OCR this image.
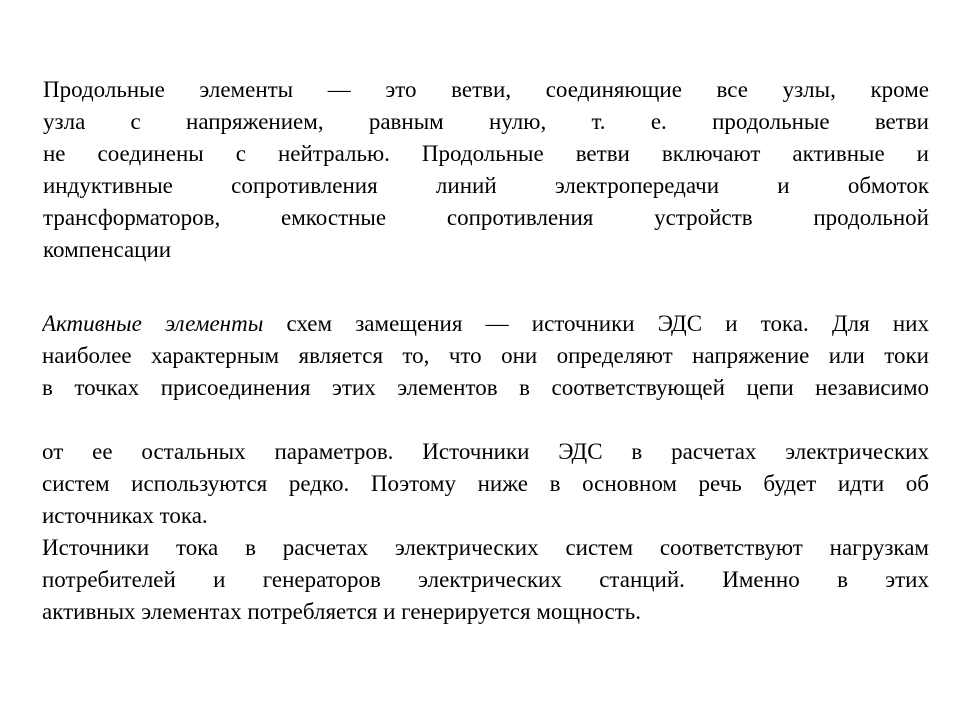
Продольные элементы — это ветви, соединяющие все узлы, кроме
узла с напряжением, равным нулю, т. е. продольные ветви
не соединены с нейтралью. Продольные ветви включают активные и
индуктивные сопротивления линий электропередачи и обмоток
трансформаторов, емкостные сопротивления устройств продольной
компенсации
Активные элементы схем замещения — источники ЭДС и тока. Для них
наиболее характерным является то, что они определяют напряжение или токи
в точках присоединения этих элементов в соответствующей цепи независимо
от ее остальных параметров. Источники ЭДС в расчетах электрических
систем используются редко. Поэтому ниже в основном речь будет идти об
источниках тока.
Источники тока в расчетах электрических систем соответствуют нагрузкам
потребителей и генераторов электрических станций. Именно в этих
активных элементах потребляется и генерируется мощность.
